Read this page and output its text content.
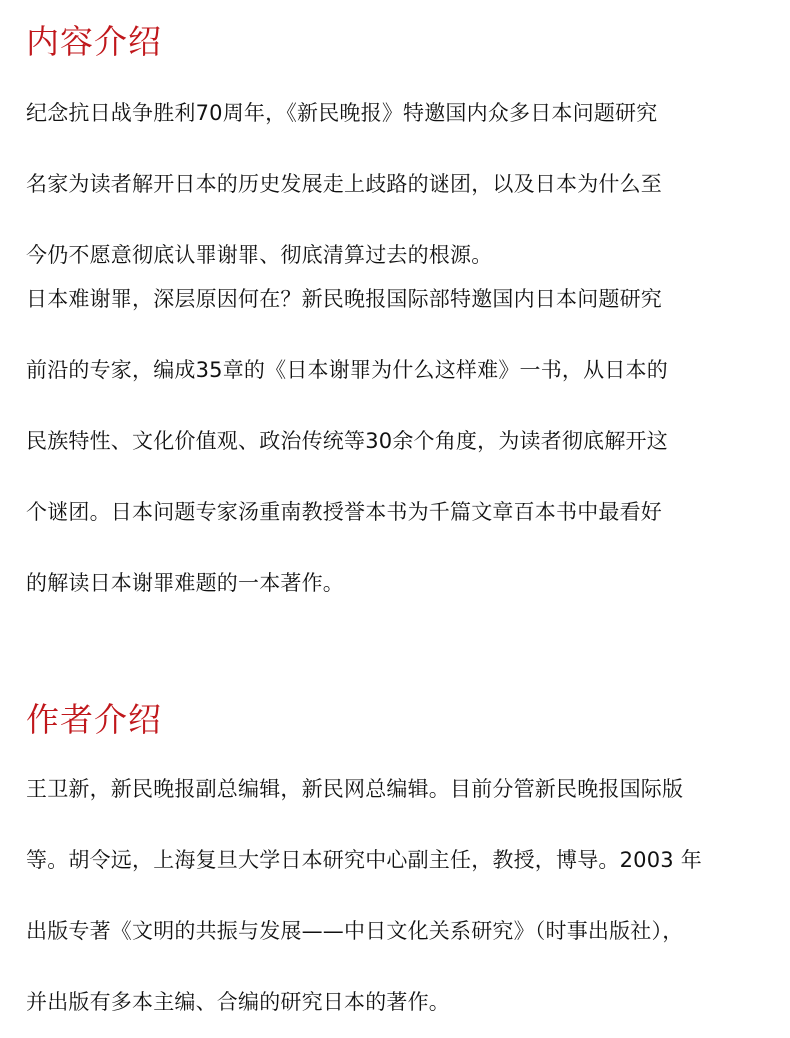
内容介绍

纪念抗日战争胜利70周年，《新民晚报》特邀国内众多日本问题研究
名家为读者解开日本的历史发展走上歧路的谜团，以及日本为什么至
今仍不愿意彻底认罪谢罪、彻底清算过去的根源。

日本难谢罪，深层原因何在？新民晚报国际部特邀国内日本问题研究
前沿的专家，编成35章的《日本谢罪为什么这样难》一书，从日本的
民族特性、文化价值观、政治传统等30余个角度，为读者彻底解开这
个谜团。日本问题专家汤重南教授誉本书为千篇文章百本书中最看好
的解读日本谢罪难题的一本著作。

作者介绍

王卫新，新民晚报副总编辑，新民网总编辑。目前分管新民晚报国际版
等。胡令远，上海复旦大学日本研究中心副主任，教授，博导。2003 年
出版专著《文明的共振与发展——中日文化关系研究》（时事出版社），
并出版有多本主编、合编的研究日本的著作。
